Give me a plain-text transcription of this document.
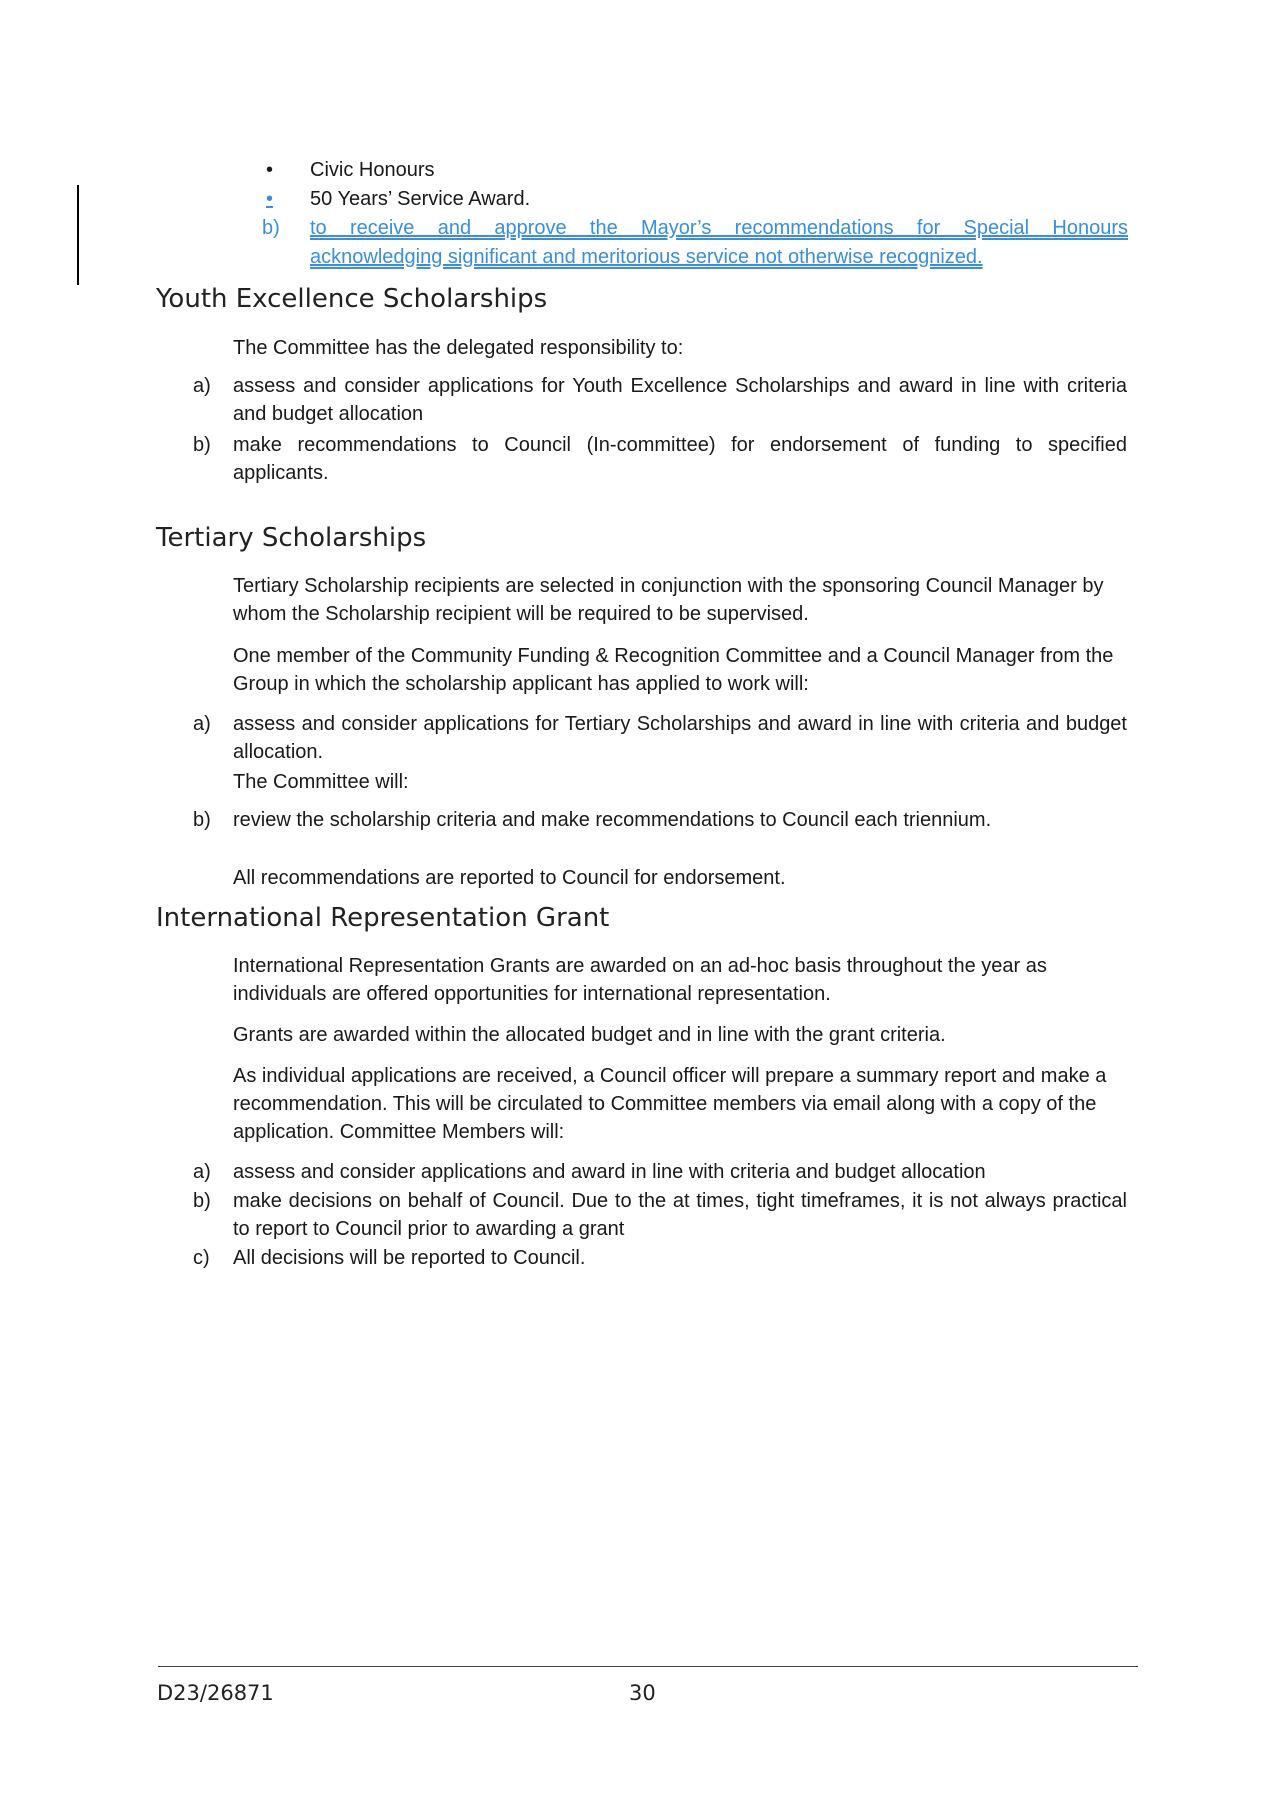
•	Civic Honours
•	50 Years’ Service Award.
b)	to receive and approve the Mayor’s recommendations for Special Honours
acknowledging significant and meritorious service not otherwise recognized.
Youth Excellence Scholarships
The Committee has the delegated responsibility to:
a)	assess and consider applications for Youth Excellence Scholarships and award in line with criteria and budget allocation
b)	make recommendations to Council (In-committee) for endorsement of funding to specified applicants.
Tertiary Scholarships
Tertiary Scholarship recipients are selected in conjunction with the sponsoring Council Manager by whom the Scholarship recipient will be required to be supervised.
One member of the Community Funding & Recognition Committee and a Council Manager from the Group in which the scholarship applicant has applied to work will:
a)	assess and consider applications for Tertiary Scholarships and award in line with criteria and budget allocation.
The Committee will:
b)	review the scholarship criteria and make recommendations to Council each triennium.
All recommendations are reported to Council for endorsement.
International Representation Grant
International Representation Grants are awarded on an ad-hoc basis throughout the year as individuals are offered opportunities for international representation.
Grants are awarded within the allocated budget and in line with the grant criteria.
As individual applications are received, a Council officer will prepare a summary report and make a recommendation. This will be circulated to Committee members via email along with a copy of the application. Committee Members will:
a)	assess and consider applications and award in line with criteria and budget allocation
b)	make decisions on behalf of Council. Due to the at times, tight timeframes, it is not always practical to report to Council prior to awarding a grant
c)	All decisions will be reported to Council.
D23/26871	30
